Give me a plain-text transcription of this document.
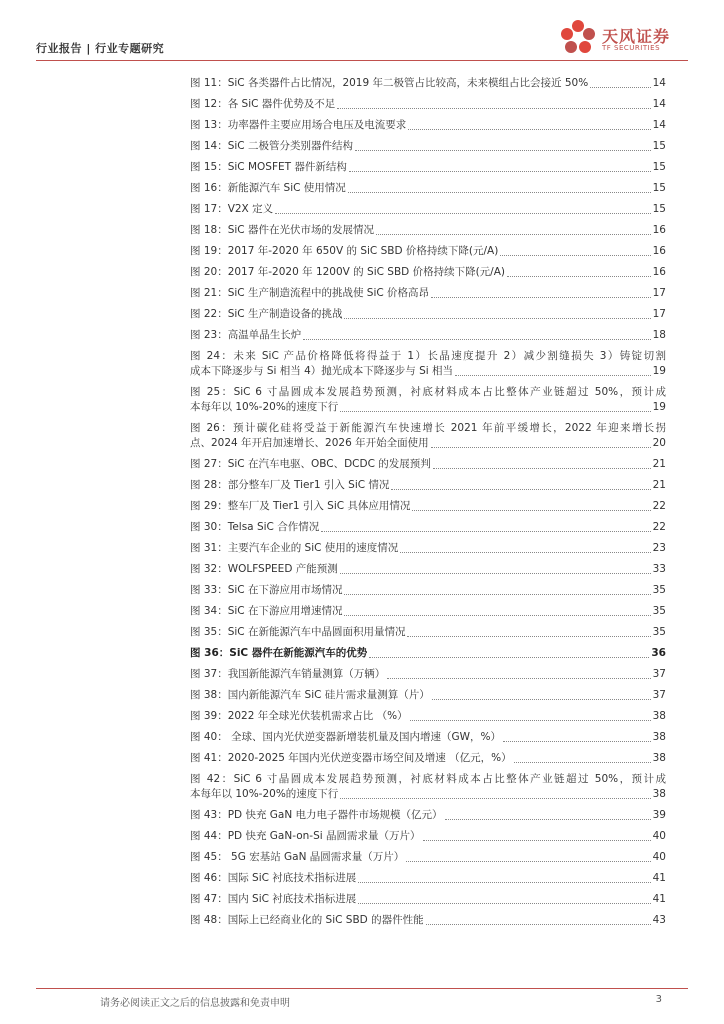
行业报告 | 行业专题研究
天风证券
TF SECURITIES
图 11：SiC 各类器件占比情况，2019 年二极管占比较高，未来模组占比会接近 50%	14
图 12：各 SiC 器件优势及不足	14
图 13：功率器件主要应用场合电压及电流要求	14
图 14：SiC 二极管分类别器件结构	15
图 15：SiC MOSFET 器件新结构	15
图 16：新能源汽车 SiC 使用情况	15
图 17：V2X 定义	15
图 18：SiC 器件在光伏市场的发展情况	16
图 19：2017 年-2020 年 650V 的 SiC SBD 价格持续下降(元/A)	16
图 20：2017 年-2020 年 1200V 的 SiC SBD 价格持续下降(元/A)	16
图 21：SiC 生产制造流程中的挑战使 SiC 价格高昂	17
图 22：SiC 生产制造设备的挑战	17
图 23：高温单晶生长炉	18
图 24：未来 SiC 产品价格降低将得益于 1）长晶速度提升 2）减少割缝损失 3）铸锭切割
成本下降逐步与 Si 相当 4）抛光成本下降逐步与 Si 相当	19
图 25：SiC 6 寸晶圆成本发展趋势预测，衬底材料成本占比整体产业链超过 50%，预计成
本每年以 10%-20%的速度下行	19
图 26：预计碳化硅将受益于新能源汽车快速增长 2021 年前平缓增长，2022 年迎来增长拐
点、2024 年开启加速增长、2026 年开始全面使用	20
图 27：SiC 在汽车电驱、OBC、DCDC 的发展预判	21
图 28：部分整车厂及 Tier1 引入 SiC 情况	21
图 29：整车厂及 Tier1 引入 SiC 具体应用情况	22
图 30：Telsa SiC 合作情况	22
图 31：主要汽车企业的 SiC 使用的速度情况	23
图 32：WOLFSPEED 产能预测	33
图 33：SiC 在下游应用市场情况	35
图 34：SiC 在下游应用增速情况	35
图 35：SiC 在新能源汽车中晶圆面积用量情况	35
图 36：SiC 器件在新能源汽车的优势	36
图 37：我国新能源汽车销量测算（万辆）	37
图 38：国内新能源汽车 SiC 硅片需求量测算（片）	37
图 39：2022 年全球光伏装机需求占比 （%）	38
图 40： 全球、国内光伏逆变器新增装机量及国内增速（GW，%）	38
图 41：2020-2025 年国内光伏逆变器市场空间及增速 （亿元，%）	38
图 42：SiC 6 寸晶圆成本发展趋势预测，衬底材料成本占比整体产业链超过 50%，预计成
本每年以 10%-20%的速度下行	38
图 43：PD 快充 GaN 电力电子器件市场规模（亿元）	39
图 44：PD 快充 GaN-on-Si 晶圆需求量（万片）	40
图 45： 5G 宏基站 GaN 晶圆需求量（万片）	40
图 46：国际 SiC 衬底技术指标进展	41
图 47：国内 SiC 衬底技术指标进展	41
图 48：国际上已经商业化的 SiC SBD 的器件性能	43
请务必阅读正文之后的信息披露和免责申明	3
